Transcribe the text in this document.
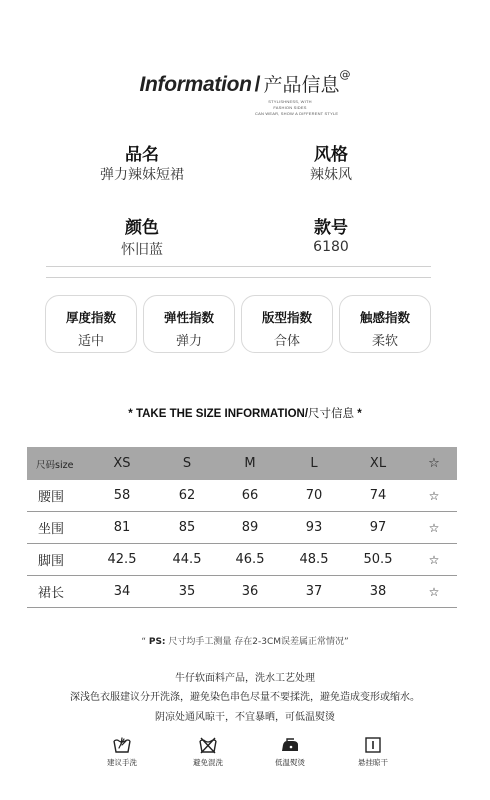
Information / 产品信息@
STYLISHNESS, WITH
FASHION SIDES
CAN WEAR, SHOW A DIFFERENT STYLE
品名
弹力辣妹短裙
风格
辣妹风
颜色
怀旧蓝
款号
6180
厚度指数
适中
弹性指数
弹力
版型指数
合体
触感指数
柔软
* TAKE THE SIZE INFORMATION/尺寸信息 *
尺码size	XS	S	M	L	XL	☆
腰围	58	62	66	70	74	☆
坐围	81	85	89	93	97	☆
脚围	42.5	44.5	46.5	48.5	50.5	☆
裙长	34	35	36	37	38	☆
“ PS: 尺寸均手工测量 存在2-3CM误差属正常情况”
牛仔软面料产品，洗水工艺处理
深浅色衣服建议分开洗涤，避免染色串色尽量不要揉洗，避免造成变形或缩水。
阴凉处通风晾干，不宜暴晒，可低温熨烫
建议手洗	避免混洗	低温熨烫	悬挂晾干
